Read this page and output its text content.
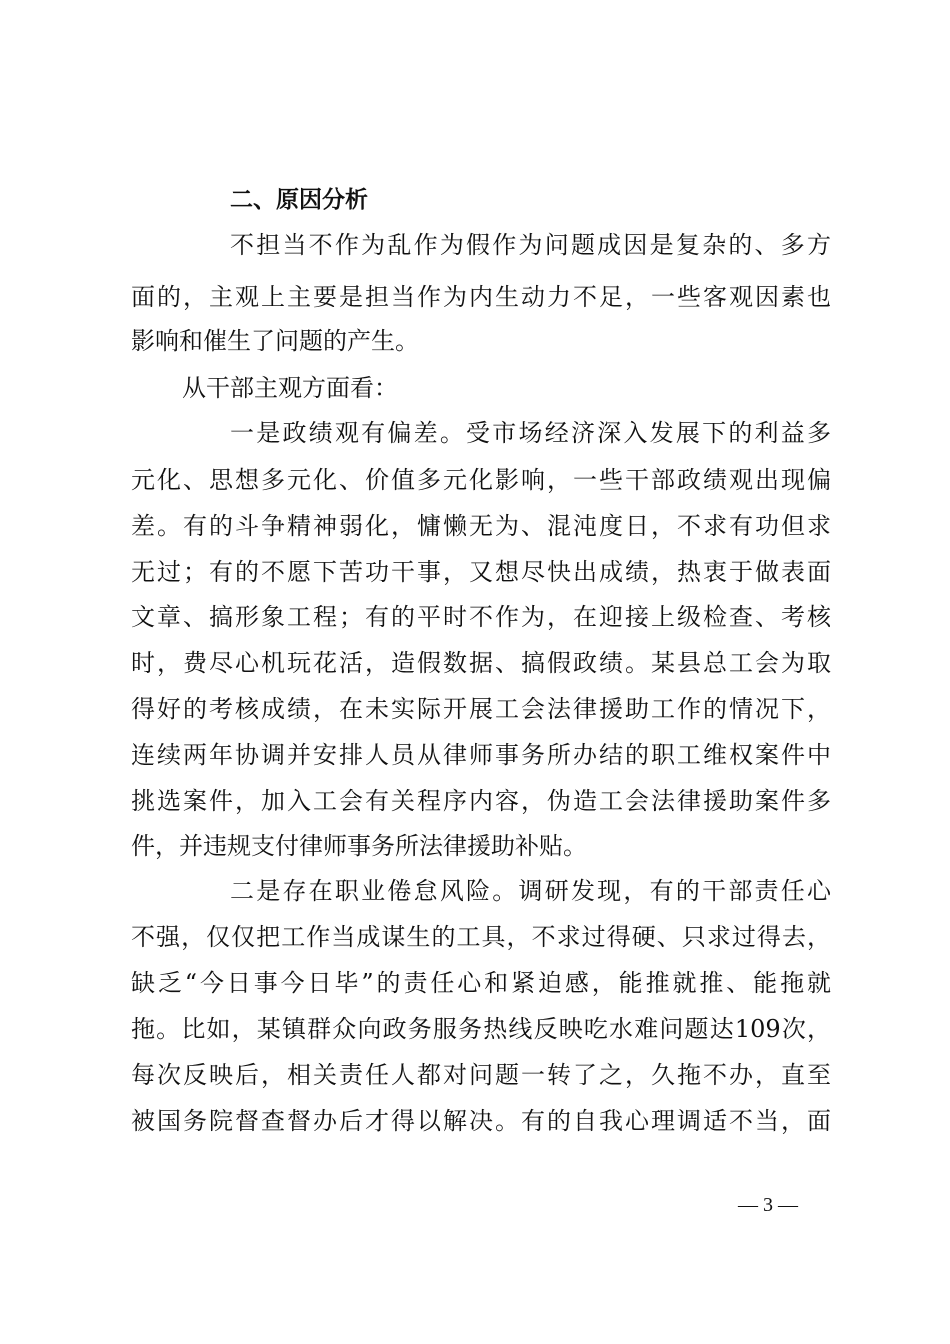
二、原因分析
不担当不作为乱作为假作为问题成因是复杂的、多方
面的，主观上主要是担当作为内生动力不足，一些客观因素也
影响和催生了问题的产生。
从干部主观方面看：
一是政绩观有偏差。受市场经济深入发展下的利益多
元化、思想多元化、价值多元化影响，一些干部政绩观出现偏
差。有的斗争精神弱化，慵懒无为、混沌度日，不求有功但求
无过；有的不愿下苦功干事，又想尽快出成绩，热衷于做表面
文章、搞形象工程；有的平时不作为，在迎接上级检查、考核
时，费尽心机玩花活，造假数据、搞假政绩。某县总工会为取
得好的考核成绩，在未实际开展工会法律援助工作的情况下，
连续两年协调并安排人员从律师事务所办结的职工维权案件中
挑选案件，加入工会有关程序内容，伪造工会法律援助案件多
件，并违规支付律师事务所法律援助补贴。
二是存在职业倦怠风险。调研发现，有的干部责任心
不强，仅仅把工作当成谋生的工具，不求过得硬、只求过得去，
缺乏“今日事今日毕”的责任心和紧迫感，能推就推、能拖就
拖。比如，某镇群众向政务服务热线反映吃水难问题达109次，
每次反映后，相关责任人都对问题一转了之，久拖不办，直至
被国务院督查督办后才得以解决。有的自我心理调适不当，面
— 3 —
